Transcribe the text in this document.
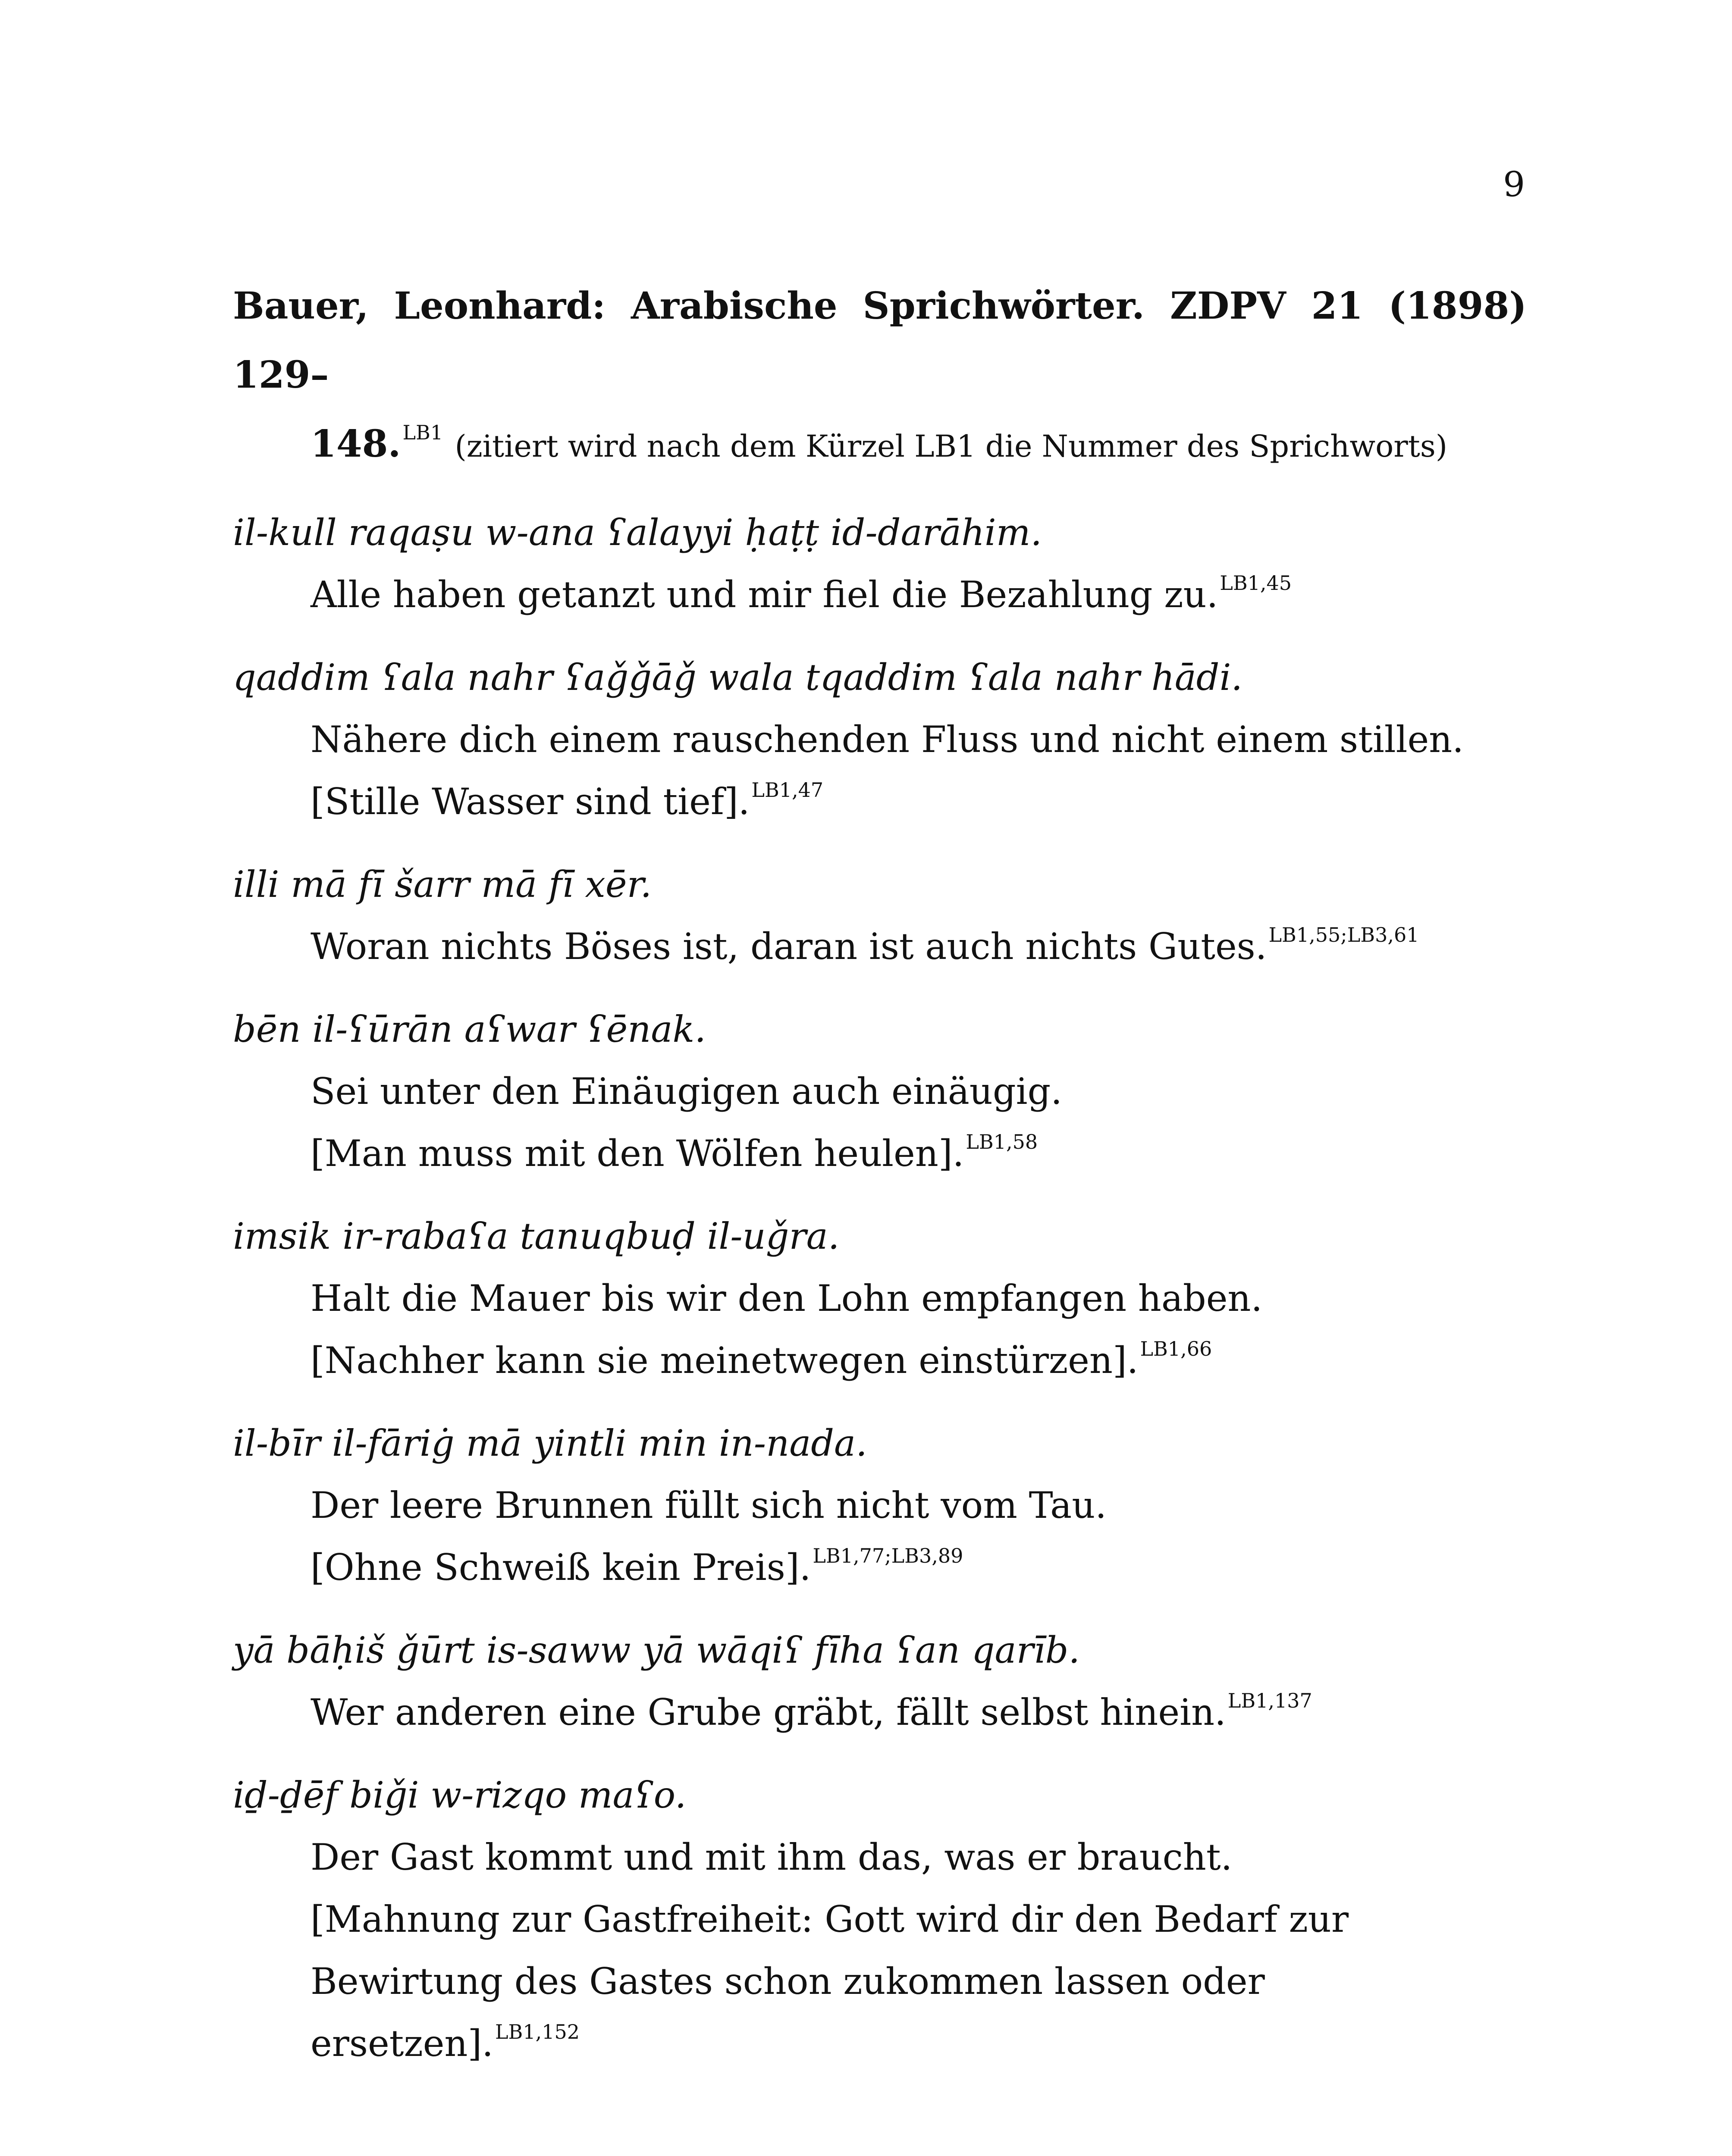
9
Bauer, Leonhard: Arabische Sprichwörter. ZDPV 21 (1898) 129–
148.$^{LB1}$ (zitiert wird nach dem Kürzel LB1 die Nummer des Sprichworts)
il-kull raqaṣu w-ana ʕalayyi ḥaṭṭ id-darāhim.
Alle haben getanzt und mir fiel die Bezahlung zu.$^{LB1,45}$
qaddim ʕala nahr ʕaǧǧāǧ wala tqaddim ʕala nahr hādi.
Nähere dich einem rauschenden Fluss und nicht einem stillen.
[Stille Wasser sind tief].$^{LB1,47}$
illi mā fī šarr mā fī xēr.
Woran nichts Böses ist, daran ist auch nichts Gutes.$^{LB1,55;LB3,61}$
bēn il-ʕūrān aʕwar ʕēnak.
Sei unter den Einäugigen auch einäugig.
[Man muss mit den Wölfen heulen].$^{LB1,58}$
imsik ir-rabaʕa tanuqbuḍ il-uǧra.
Halt die Mauer bis wir den Lohn empfangen haben.
[Nachher kann sie meinetwegen einstürzen].$^{LB1,66}$
il-bīr il-fāriġ mā yintli min in-nada.
Der leere Brunnen füllt sich nicht vom Tau.
[Ohne Schweiß kein Preis].$^{LB1,77;LB3,89}$
yā bāḥiš ǧūrt is-saww yā wāqiʕ fīha ʕan qarīb.
Wer anderen eine Grube gräbt, fällt selbst hinein.$^{LB1,137}$
iḏ-ḏēf biǧi w-rizqo maʕo.
Der Gast kommt und mit ihm das, was er braucht.
[Mahnung zur Gastfreiheit: Gott wird dir den Bedarf zur Bewirtung des Gastes schon zukommen lassen oder ersetzen].$^{LB1,152}$
